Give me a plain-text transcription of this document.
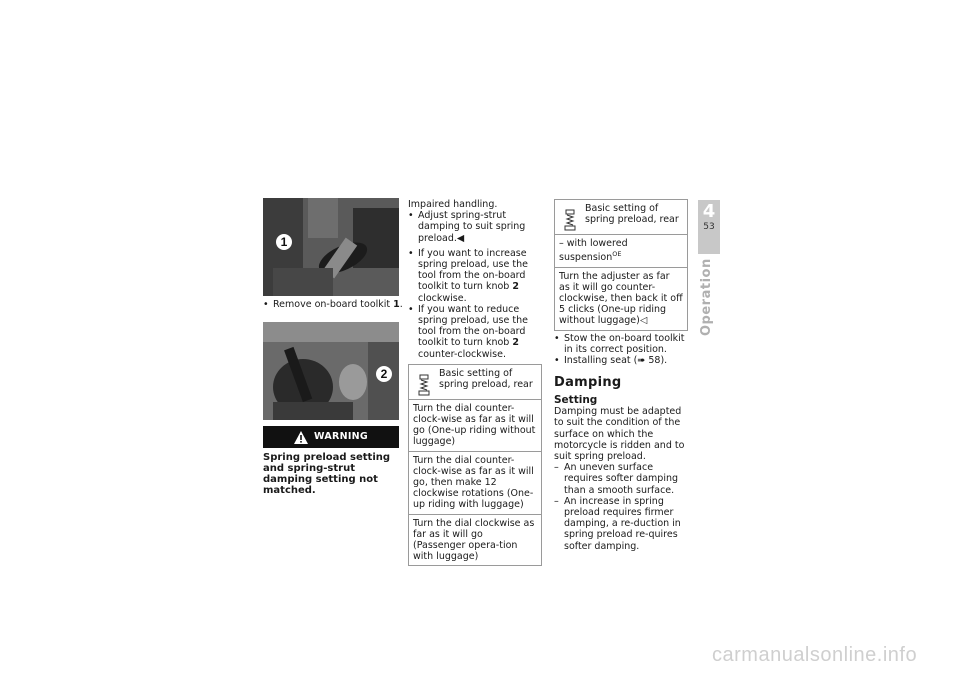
1
• Remove on-board toolkit 1.
2
WARNING
Spring preload setting and spring-strut damping setting not matched.
Impaired handling.
• Adjust spring-strut damping to suit spring preload.◀
• If you want to increase spring preload, use the tool from the on-board toolkit to turn knob 2 clockwise.
• If you want to reduce spring preload, use the tool from the on-board toolkit to turn knob 2 counter-clockwise.
Basic setting of spring preload, rear

Turn the dial counter-clock-wise as far as it will go (One-up riding without luggage)
Turn the dial counter-clock-wise as far as it will go, then make 12 clockwise rotations (One-up riding with luggage)
Turn the dial clockwise as far as it will go (Passenger opera-tion with luggage)
Basic setting of spring preload, rear

– with lowered suspension$^{OE}$
Turn the adjuster as far as it will go counter-clockwise, then back it off 5 clicks (One-up riding without luggage)◁
• Stow the on-board toolkit in its correct position.
• Installing seat (➠ 58).
Damping
Setting
Damping must be adapted to suit the condition of the surface on which the motorcycle is ridden and to suit spring preload.
– An uneven surface requires softer damping than a smooth surface.
– An increase in spring preload requires firmer damping, a re-duction in spring preload re-quires softer damping.
4
53
Operation
carmanualsonline.info
